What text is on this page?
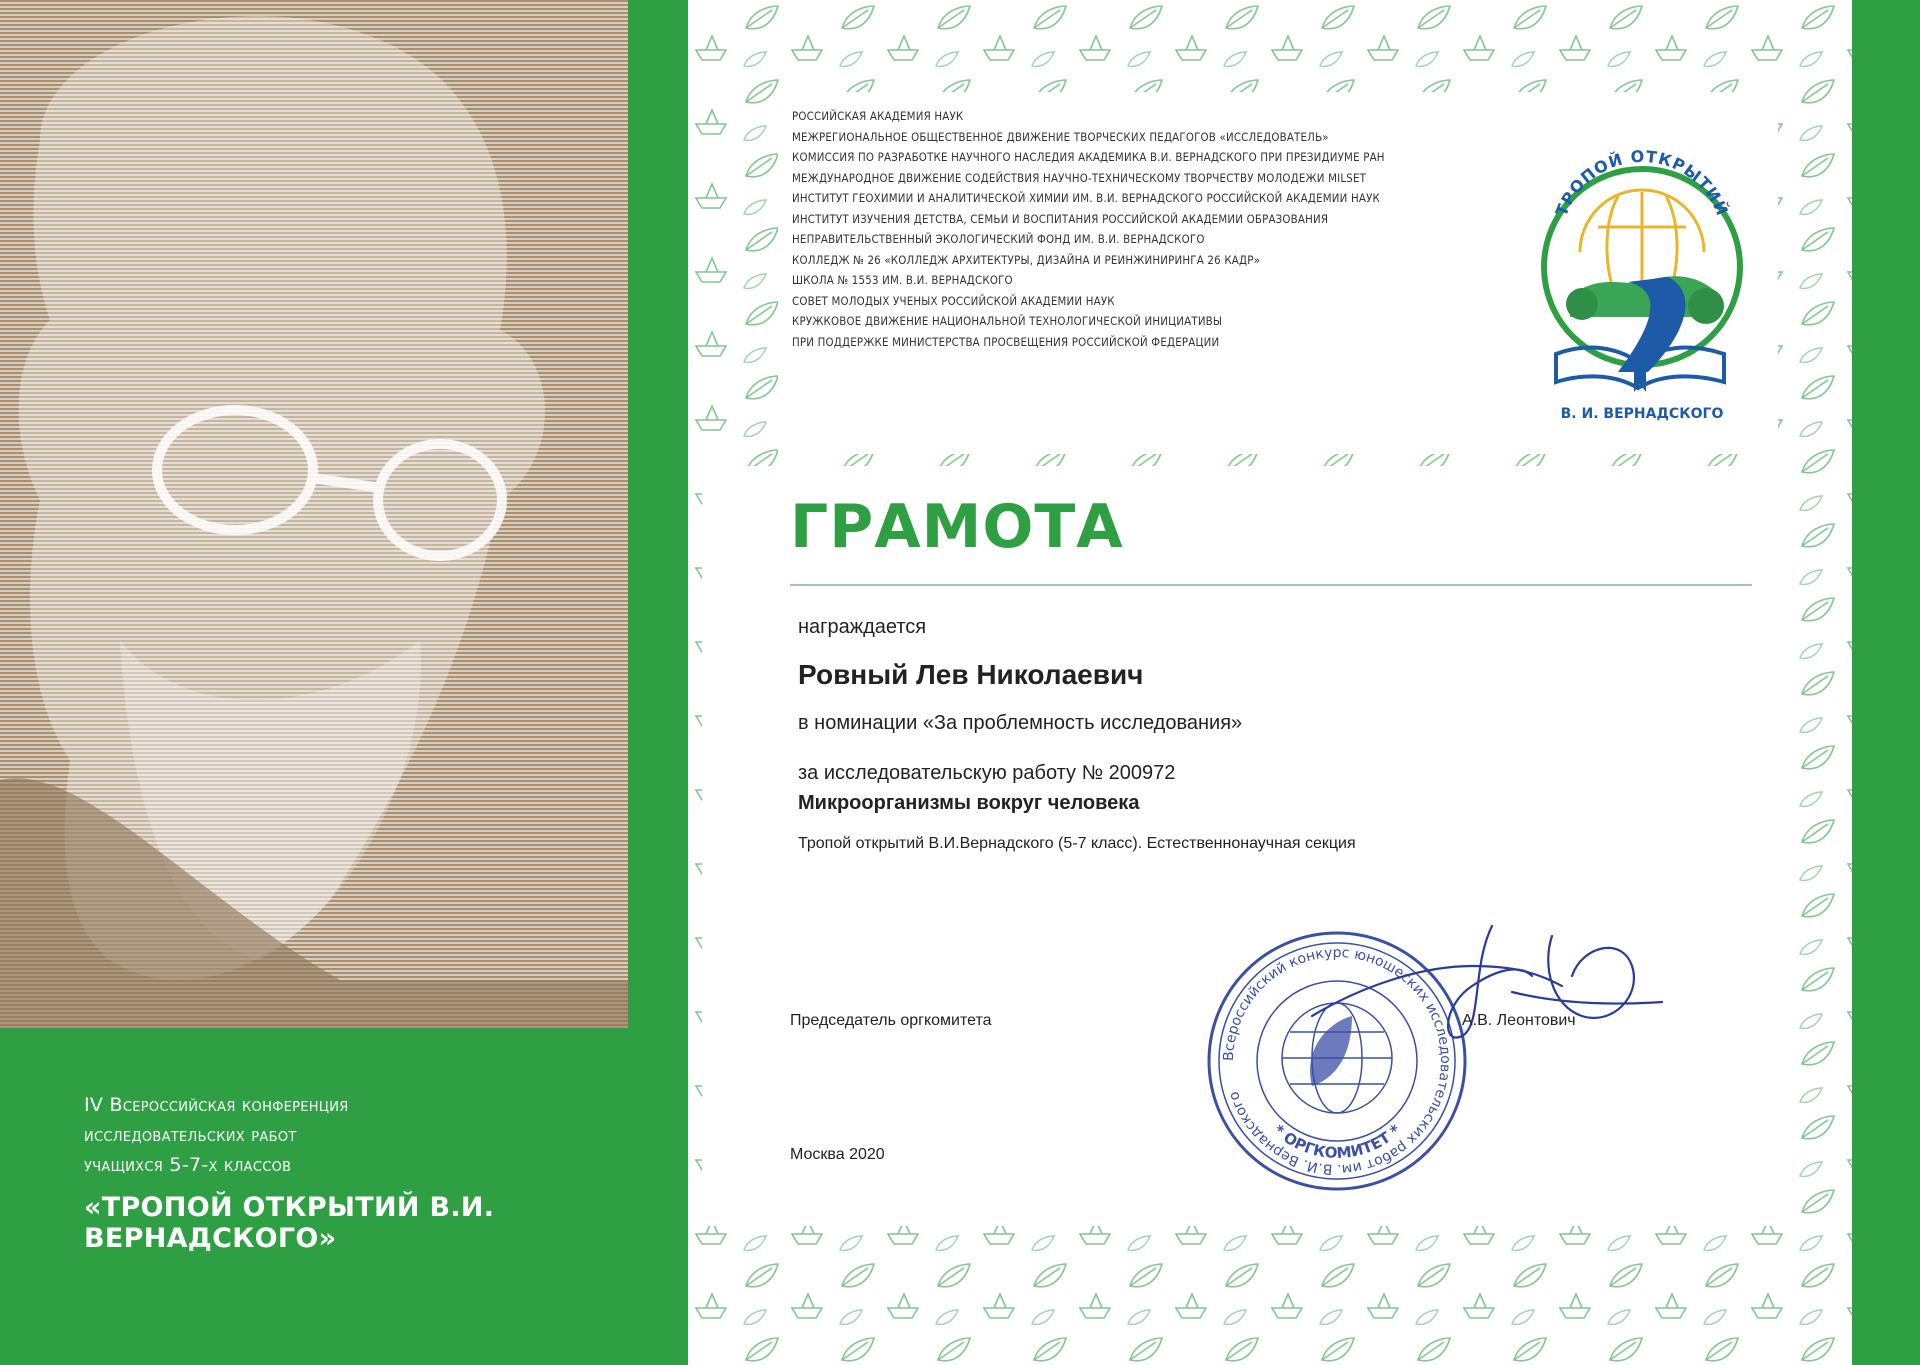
IV Всероссийская конференция
исследовательских работ
учащихся 5-7-х классов
«ТРОПОЙ ОТКРЫТИЙ В.И. ВЕРНАДСКОГО»
РОССИЙСКАЯ АКАДЕМИЯ НАУК
МЕЖРЕГИОНАЛЬНОЕ ОБЩЕСТВЕННОЕ ДВИЖЕНИЕ ТВОРЧЕСКИХ ПЕДАГОГОВ «ИССЛЕДОВАТЕЛЬ»
КОМИССИЯ ПО РАЗРАБОТКЕ НАУЧНОГО НАСЛЕДИЯ АКАДЕМИКА В.И. ВЕРНАДСКОГО ПРИ ПРЕЗИДИУМЕ РАН
МЕЖДУНАРОДНОЕ ДВИЖЕНИЕ СОДЕЙСТВИЯ НАУЧНО-ТЕХНИЧЕСКОМУ ТВОРЧЕСТВУ МОЛОДЕЖИ MILSET
ИНСТИТУТ ГЕОХИМИИ И АНАЛИТИЧЕСКОЙ ХИМИИ ИМ. В.И. ВЕРНАДСКОГО РОССИЙСКОЙ АКАДЕМИИ НАУК
ИНСТИТУТ ИЗУЧЕНИЯ ДЕТСТВА, СЕМЬИ И ВОСПИТАНИЯ РОССИЙСКОЙ АКАДЕМИИ ОБРАЗОВАНИЯ
НЕПРАВИТЕЛЬСТВЕННЫЙ ЭКОЛОГИЧЕСКИЙ ФОНД ИМ. В.И. ВЕРНАДСКОГО
КОЛЛЕДЖ № 26 «КОЛЛЕДЖ АРХИТЕКТУРЫ, ДИЗАЙНА И РЕИНЖИНИРИНГА 26 КАДР»
ШКОЛА № 1553 ИМ. В.И. ВЕРНАДСКОГО
СОВЕТ МОЛОДЫХ УЧЕНЫХ РОССИЙСКОЙ АКАДЕМИИ НАУК
КРУЖКОВОЕ ДВИЖЕНИЕ НАЦИОНАЛЬНОЙ ТЕХНОЛОГИЧЕСКОЙ ИНИЦИАТИВЫ
ПРИ ПОДДЕРЖКЕ МИНИСТЕРСТВА ПРОСВЕЩЕНИЯ РОССИЙСКОЙ ФЕДЕРАЦИИ
ТРОПОЙ ОТКРЫТИЙ
В. И. ВЕРНАДСКОГО
ГРАМОТА
награждается
Ровный Лев Николаевич
в номинации «За проблемность исследования»
за исследовательскую работу № 200972
Микроорганизмы вокруг человека
Тропой открытий В.И.Вернадского (5-7 класс). Естественнонаучная секция
Всероссийский конкурс юношеских исследовательских работ им. В.И. Вернадского
* ОРГКОМИТЕТ *
Председатель оргкомитета	А.В. Леонтович
Москва 2020
